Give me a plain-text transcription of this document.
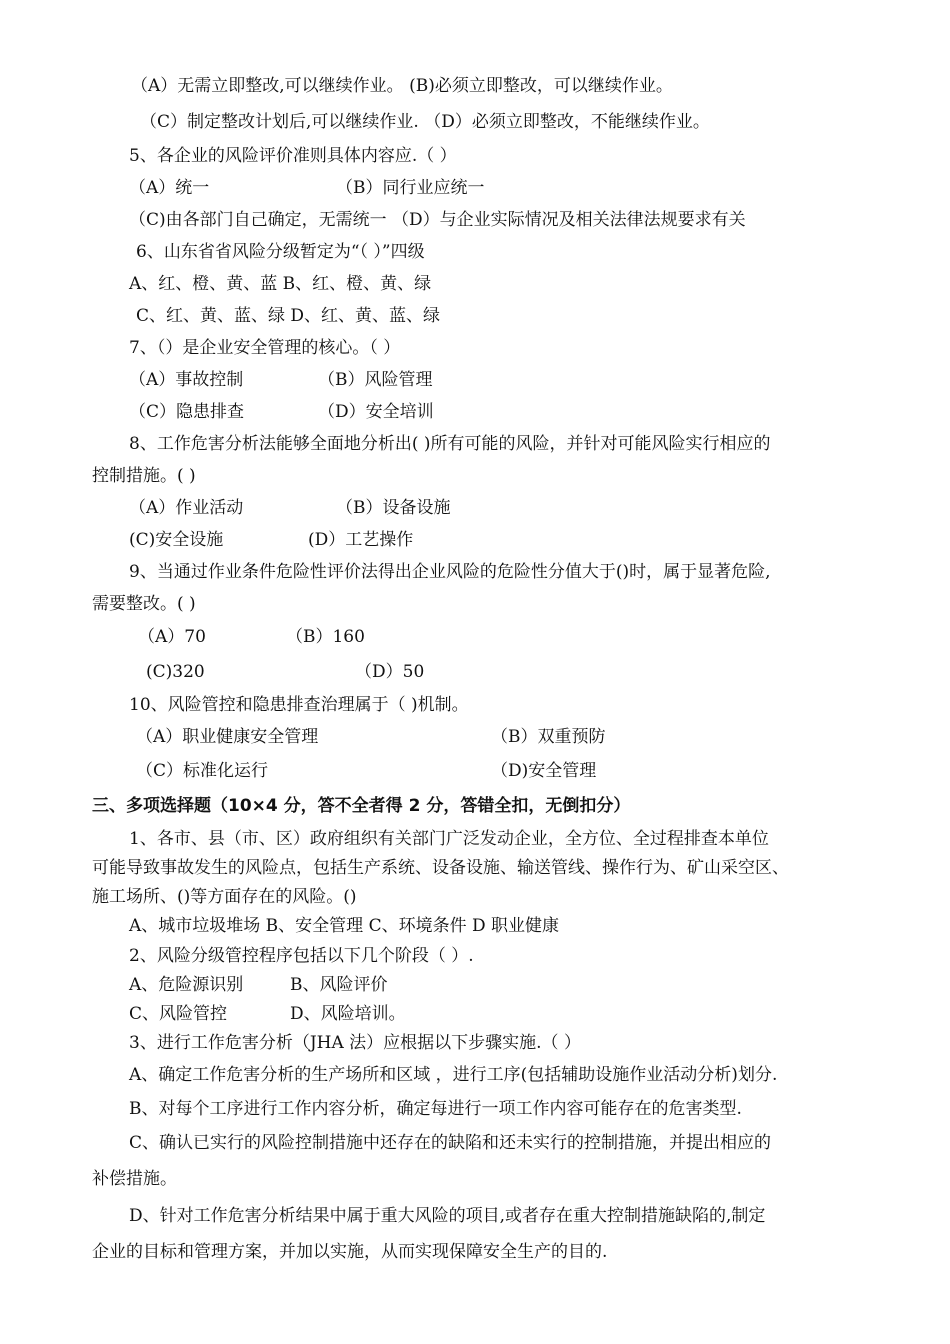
（A）无需立即整改,可以继续作业。 (B)必须立即整改，可以继续作业。
（C）制定整改计划后,可以继续作业. （D）必须立即整改，不能继续作业。
5、各企业的风险评价准则具体内容应.（ ）
（A）统一	（B）同行业应统一
（C)由各部门自己确定，无需统一 （D）与企业实际情况及相关法律法规要求有关
6、山东省省风险分级暂定为“（ ）”四级
A、红、橙、黄、蓝 B、红、橙、黄、绿
C、红、黄、蓝、绿 D、红、黄、蓝、绿
7、（）是企业安全管理的核心。（ ）
（A）事故控制	（B）风险管理
（C）隐患排查	（D）安全培训
8、工作危害分析法能够全面地分析出( )所有可能的风险，并针对可能风险实行相应的
控制措施。( )
（A）作业活动	（B）设备设施
(C)安全设施	(D）工艺操作
9、当通过作业条件危险性评价法得出企业风险的危险性分值大于()时，属于显著危险,
需要整改。( )
（A）70	（B）160
(C)320	（D）50
10、风险管控和隐患排查治理属于（ )机制。
（A）职业健康安全管理	（B）双重预防
（C）标准化运行	（D)安全管理
三、多项选择题（10×4 分，答不全者得 2 分，答错全扣，无倒扣分）
1、各市、县（市、区）政府组织有关部门广泛发动企业，全方位、全过程排查本单位
可能导致事故发生的风险点，包括生产系统、设备设施、输送管线、操作行为、矿山采空区、
施工场所、()等方面存在的风险。()
A、城市垃圾堆场 B、安全管理 C、环境条件 D 职业健康
2、风险分级管控程序包括以下几个阶段（ ）.
A、危险源识别	B、风险评价
C、风险管控	D、风险培训。
3、进行工作危害分析（JHA 法）应根据以下步骤实施.（ ）
A、确定工作危害分析的生产场所和区域 ，进行工序(包括辅助设施作业活动分析)划分.
B、对每个工序进行工作内容分析，确定每进行一项工作内容可能存在的危害类型.
C、确认已实行的风险控制措施中还存在的缺陷和还未实行的控制措施，并提出相应的
补偿措施。
D、针对工作危害分析结果中属于重大风险的项目,或者存在重大控制措施缺陷的,制定
企业的目标和管理方案，并加以实施，从而实现保障安全生产的目的.
